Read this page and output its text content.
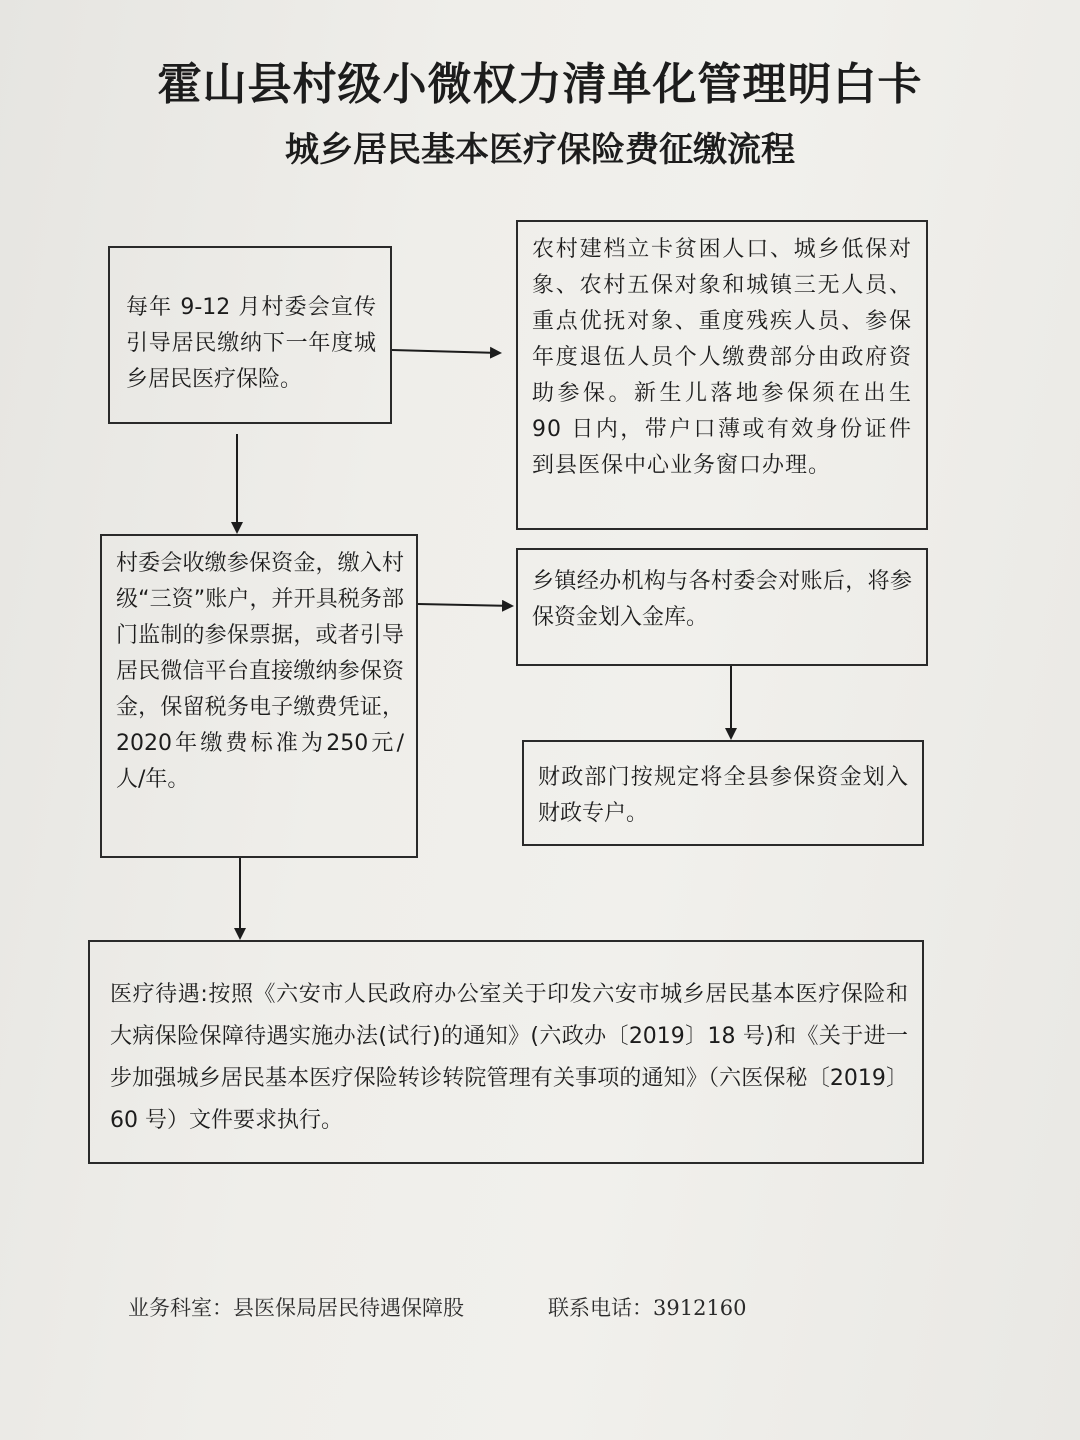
霍山县村级小微权力清单化管理明白卡
城乡居民基本医疗保险费征缴流程
每年 9-12 月村委会宣传引导居民缴纳下一年度城乡居民医疗保险。
农村建档立卡贫困人口、城乡低保对象、农村五保对象和城镇三无人员、重点优抚对象、重度残疾人员、参保年度退伍人员个人缴费部分由政府资助参保。新生儿落地参保须在出生 90 日内，带户口薄或有效身份证件到县医保中心业务窗口办理。
村委会收缴参保资金，缴入村级“三资”账户，并开具税务部门监制的参保票据，或者引导居民微信平台直接缴纳参保资金，保留税务电子缴费凭证，2020年缴费标准为250元/人/年。
乡镇经办机构与各村委会对账后，将参保资金划入金库。
财政部门按规定将全县参保资金划入财政专户。
医疗待遇:按照《六安市人民政府办公室关于印发六安市城乡居民基本医疗保险和大病保险保障待遇实施办法(试行)的通知》(六政办〔2019〕18 号)和《关于进一步加强城乡居民基本医疗保险转诊转院管理有关事项的通知》（六医保秘〔2019〕60 号）文件要求执行。
业务科室：县医保局居民待遇保障股	联系电话：3912160
